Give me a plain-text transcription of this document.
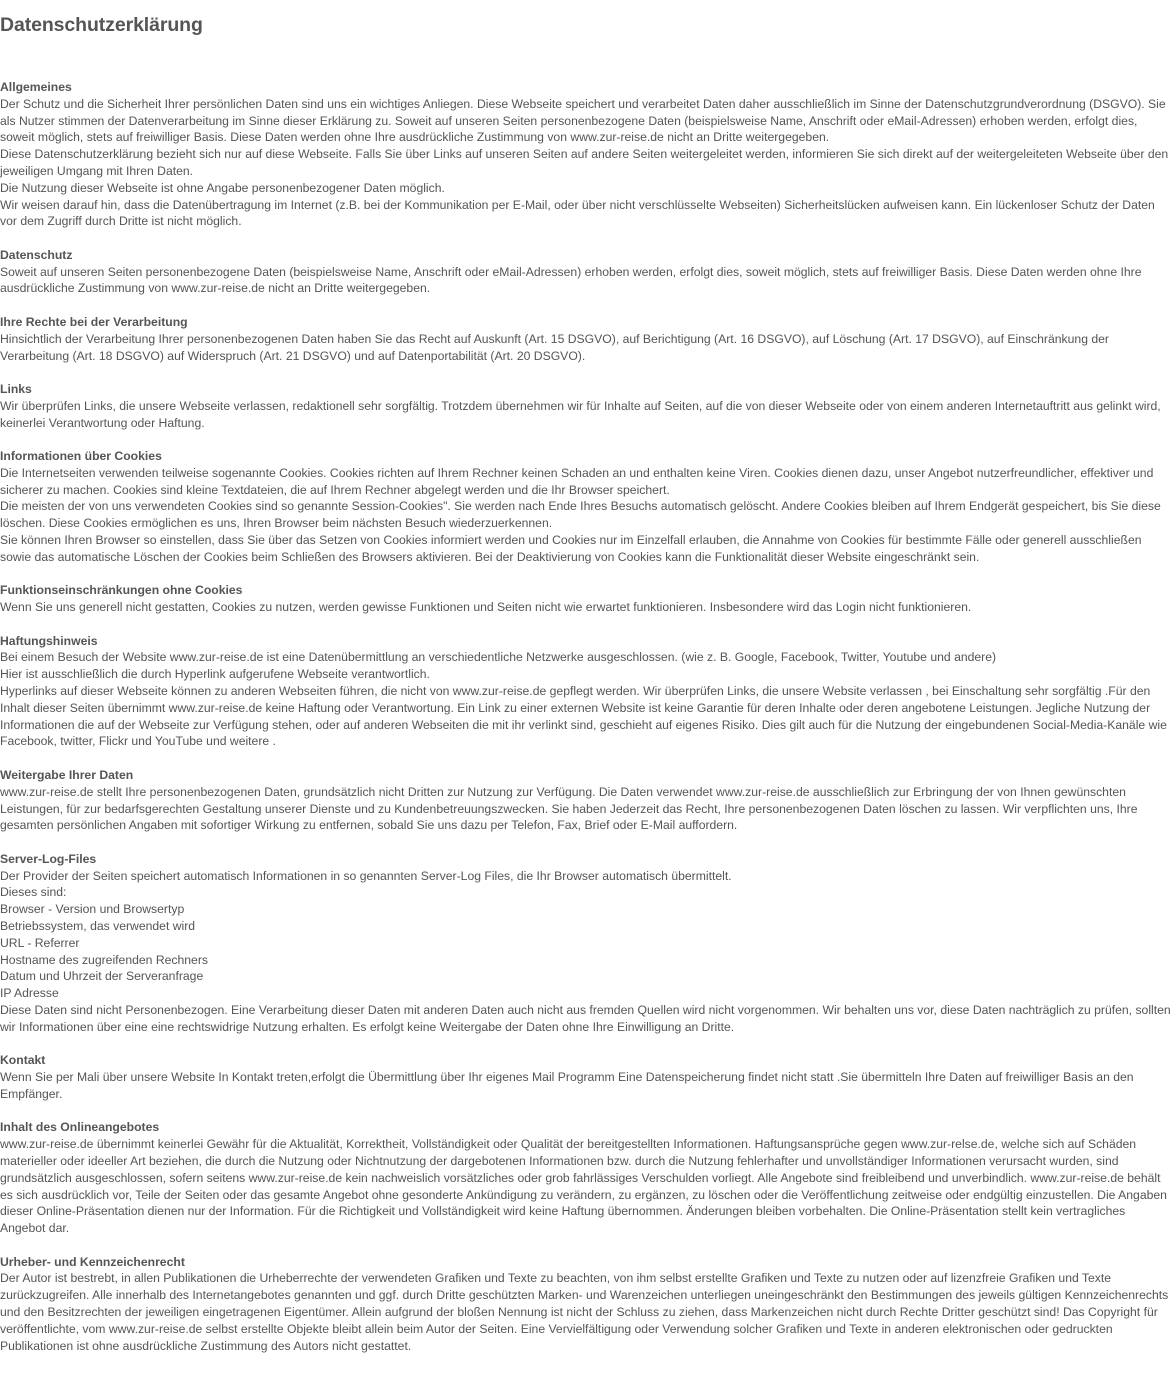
Datenschutzerklärung
Allgemeines
Der Schutz und die Sicherheit Ihrer persönlichen Daten sind uns ein wichtiges Anliegen. Diese Webseite speichert und verarbeitet Daten daher ausschließlich im Sinne der Datenschutzgrundverordnung (DSGVO). Sie als Nutzer stimmen der Datenverarbeitung im Sinne dieser Erklärung zu. Soweit auf unseren Seiten personenbezogene Daten (beispielsweise Name, Anschrift oder eMail-Adressen) erhoben werden, erfolgt dies, soweit möglich, stets auf freiwilliger Basis. Diese Daten werden ohne Ihre ausdrückliche Zustimmung von www.zur-reise.de nicht an Dritte weitergegeben.
Diese Datenschutzerklärung bezieht sich nur auf diese Webseite. Falls Sie über Links auf unseren Seiten auf andere Seiten weitergeleitet werden, informieren Sie sich direkt auf der weitergeleiteten Webseite über den jeweiligen Umgang mit Ihren Daten.
Die Nutzung dieser Webseite ist ohne Angabe personenbezogener Daten möglich.
Wir weisen darauf hin, dass die Datenübertragung im Internet (z.B. bei der Kommunikation per E-Mail, oder über nicht verschlüsselte Webseiten) Sicherheitslücken aufweisen kann. Ein lückenloser Schutz der Daten vor dem Zugriff durch Dritte ist nicht möglich.
Datenschutz
Soweit auf unseren Seiten personenbezogene Daten (beispielsweise Name, Anschrift oder eMail-Adressen) erhoben werden, erfolgt dies, soweit möglich, stets auf freiwilliger Basis. Diese Daten werden ohne Ihre ausdrückliche Zustimmung von www.zur-reise.de nicht an Dritte weitergegeben.
Ihre Rechte bei der Verarbeitung
Hinsichtlich der Verarbeitung Ihrer personenbezogenen Daten haben Sie das Recht auf Auskunft (Art. 15 DSGVO), auf Berichtigung (Art. 16 DSGVO), auf Löschung (Art. 17 DSGVO), auf Einschränkung der Verarbeitung (Art. 18 DSGVO) auf Widerspruch (Art. 21 DSGVO) und auf Datenportabilität (Art. 20 DSGVO).
Links
Wir überprüfen Links, die unsere Webseite verlassen, redaktionell sehr sorgfältig. Trotzdem übernehmen wir für Inhalte auf Seiten, auf die von dieser Webseite oder von einem anderen Internetauftritt aus gelinkt wird, keinerlei Verantwortung oder Haftung.
Informationen über Cookies
Die Internetseiten verwenden teilweise sogenannte Cookies. Cookies richten auf Ihrem Rechner keinen Schaden an und enthalten keine Viren. Cookies dienen dazu, unser Angebot nutzerfreundlicher, effektiver und sicherer zu machen. Cookies sind kleine Textdateien, die auf Ihrem Rechner abgelegt werden und die Ihr Browser speichert.
Die meisten der von uns verwendeten Cookies sind so genannte Session-Cookies". Sie werden nach Ende Ihres Besuchs automatisch gelöscht. Andere Cookies bleiben auf Ihrem Endgerät gespeichert, bis Sie diese löschen. Diese Cookies ermöglichen es uns, Ihren Browser beim nächsten Besuch wiederzuerkennen.
Sie können Ihren Browser so einstellen, dass Sie über das Setzen von Cookies informiert werden und Cookies nur im Einzelfall erlauben, die Annahme von Cookies für bestimmte Fälle oder generell ausschließen sowie das automatische Löschen der Cookies beim Schließen des Browsers aktivieren. Bei der Deaktivierung von Cookies kann die Funktionalität dieser Website eingeschränkt sein.
Funktionseinschränkungen ohne Cookies
Wenn Sie uns generell nicht gestatten, Cookies zu nutzen, werden gewisse Funktionen und Seiten nicht wie erwartet funktionieren. Insbesondere wird das Login nicht funktionieren.
Haftungshinweis
Bei einem Besuch der Website www.zur-reise.de ist eine Datenübermittlung an verschiedentliche Netzwerke ausgeschlossen. (wie z. B. Google, Facebook, Twitter, Youtube und andere)
Hier ist ausschließlich die durch Hyperlink aufgerufene Webseite verantwortlich.
Hyperlinks auf dieser Webseite können zu anderen Webseiten führen, die nicht von www.zur-reise.de gepflegt werden. Wir überprüfen Links, die unsere Website verlassen , bei Einschaltung sehr sorgfältig .Für den Inhalt dieser Seiten übernimmt www.zur-reise.de keine Haftung oder Verantwortung. Ein Link zu einer externen Website ist keine Garantie für deren Inhalte oder deren angebotene Leistungen. Jegliche Nutzung der Informationen die auf der Webseite zur Verfügung stehen, oder auf anderen Webseiten die mit ihr verlinkt sind, geschieht auf eigenes Risiko. Dies gilt auch für die Nutzung der eingebundenen Social-Media-Kanäle wie Facebook, twitter, Flickr und YouTube und weitere .
Weitergabe Ihrer Daten
www.zur-reise.de stellt Ihre personenbezogenen Daten, grundsätzlich nicht Dritten zur Nutzung zur Verfügung. Die Daten verwendet www.zur-reise.de ausschließlich zur Erbringung der von Ihnen gewünschten Leistungen, für zur bedarfsgerechten Gestaltung unserer Dienste und zu Kundenbetreuungszwecken. Sie haben Jederzeit das Recht, Ihre personenbezogenen Daten löschen zu lassen. Wir verpflichten uns, Ihre gesamten persönlichen Angaben mit sofortiger Wirkung zu entfernen, sobald Sie uns dazu per Telefon, Fax, Brief oder E-Mail auffordern.
Server-Log-Files
Der Provider der Seiten speichert automatisch Informationen in so genannten Server-Log Files, die Ihr Browser automatisch übermittelt.
Dieses sind:
Browser - Version und Browsertyp
Betriebssystem, das verwendet wird
URL - Referrer
Hostname des zugreifenden Rechners
Datum und Uhrzeit der Serveranfrage
IP Adresse
Diese Daten sind nicht Personenbezogen. Eine Verarbeitung dieser Daten mit anderen Daten auch nicht aus fremden Quellen wird nicht vorgenommen. Wir behalten uns vor, diese Daten nachträglich zu prüfen, sollten wir Informationen über eine eine rechtswidrige Nutzung erhalten. Es erfolgt keine Weitergabe der Daten ohne Ihre Einwilligung an Dritte.
Kontakt
Wenn Sie per Mali über unsere Website In Kontakt treten,erfolgt die Übermittlung über Ihr eigenes Mail Programm Eine Datenspeicherung findet nicht statt .Sie übermitteln Ihre Daten auf freiwilliger Basis an den Empfänger.
Inhalt des Onlineangebotes
www.zur-reise.de übernimmt keinerlei Gewähr für die Aktualität, Korrektheit, Vollständigkeit oder Qualität der bereitgestellten Informationen. Haftungsansprüche gegen www.zur-relse.de, welche sich auf Schäden materieller oder ideeller Art beziehen, die durch die Nutzung oder Nichtnutzung der dargebotenen Informationen bzw. durch die Nutzung fehlerhafter und unvollständiger Informationen verursacht wurden, sind grundsätzlich ausgeschlossen, sofern seitens www.zur-reise.de kein nachweislich vorsätzliches oder grob fahrlässiges Verschulden vorliegt. Alle Angebote sind freibleibend und unverbindlich. www.zur-reise.de behält es sich ausdrücklich vor, Teile der Seiten oder das gesamte Angebot ohne gesonderte Ankündigung zu verändern, zu ergänzen, zu löschen oder die Veröffentlichung zeitweise oder endgültig einzustellen. Die Angaben dieser Online-Präsentation dienen nur der Information. Für die Richtigkeit und Vollständigkeit wird keine Haftung übernommen. Änderungen bleiben vorbehalten. Die Online-Präsentation stellt kein vertragliches Angebot dar.
Urheber- und Kennzeichenrecht
Der Autor ist bestrebt, in allen Publikationen die Urheberrechte der verwendeten Grafiken und Texte zu beachten, von ihm selbst erstellte Grafiken und Texte zu nutzen oder auf lizenzfreie Grafiken und Texte zurückzugreifen. Alle innerhalb des Internetangebotes genannten und ggf. durch Dritte geschützten Marken- und Warenzeichen unterliegen uneingeschränkt den Bestimmungen des jeweils gültigen Kennzeichenrechts und den Besitzrechten der jeweiligen eingetragenen Eigentümer. Allein aufgrund der bloßen Nennung ist nicht der Schluss zu ziehen, dass Markenzeichen nicht durch Rechte Dritter geschützt sind! Das Copyright für veröffentlichte, vom www.zur-reise.de selbst erstellte Objekte bleibt allein beim Autor der Seiten. Eine Vervielfältigung oder Verwendung solcher Grafiken und Texte in anderen elektronischen oder gedruckten Publikationen ist ohne ausdrückliche Zustimmung des Autors nicht gestattet.
